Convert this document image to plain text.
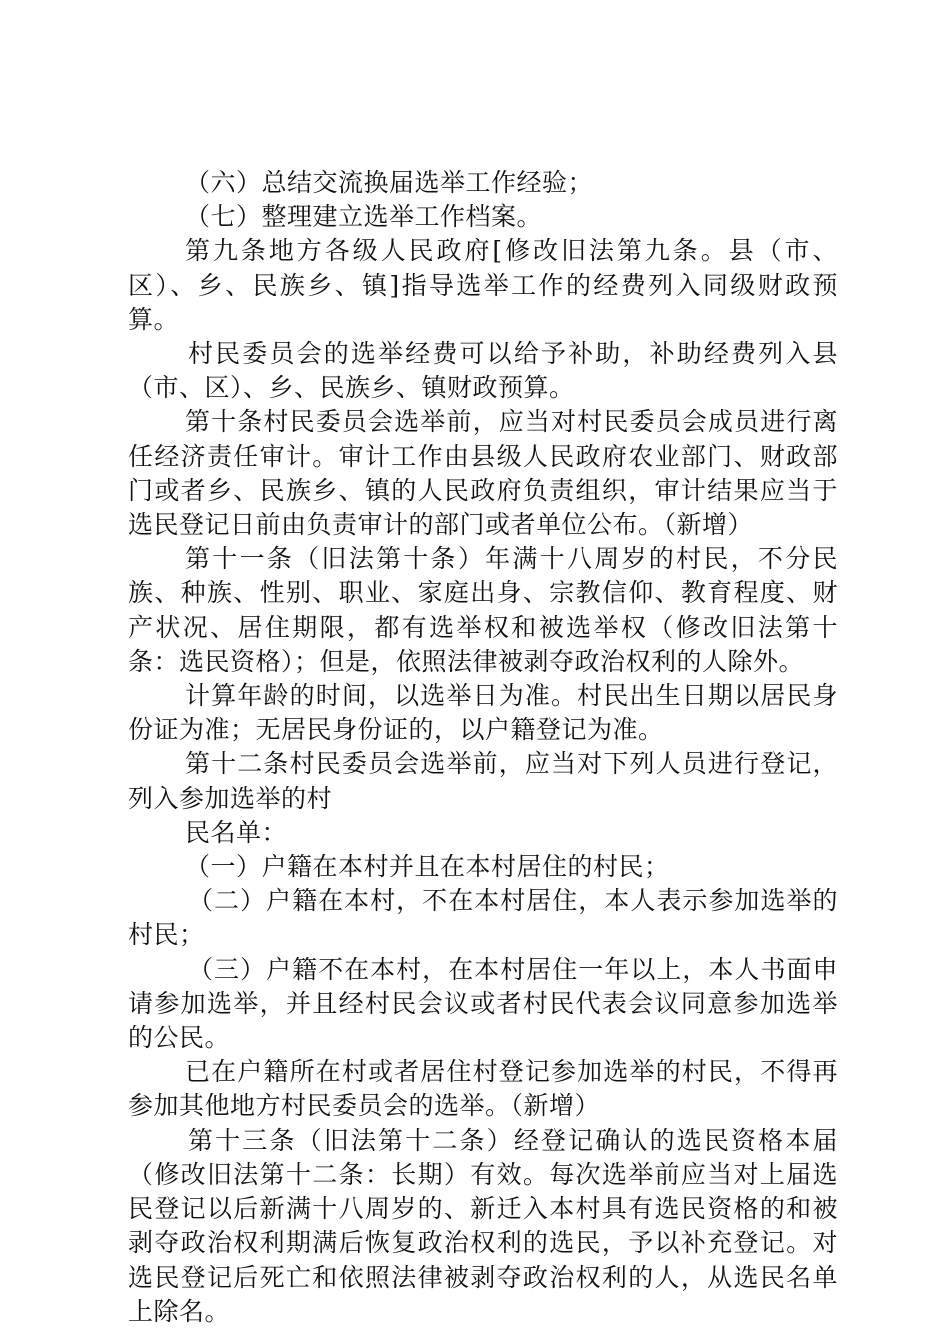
（六）总结交流换届选举工作经验；

（七）整理建立选举工作档案。

第九条地方各级人民政府[修改旧法第九条。县（市、区）、乡、民族乡、镇]指导选举工作的经费列入同级财政预算。

村民委员会的选举经费可以给予补助，补助经费列入县（市、区）、乡、民族乡、镇财政预算。

第十条村民委员会选举前，应当对村民委员会成员进行离任经济责任审计。审计工作由县级人民政府农业部门、财政部门或者乡、民族乡、镇的人民政府负责组织，审计结果应当于选民登记日前由负责审计的部门或者单位公布。（新增）

第十一条（旧法第十条）年满十八周岁的村民，不分民族、种族、性别、职业、家庭出身、宗教信仰、教育程度、财产状况、居住期限，都有选举权和被选举权（修改旧法第十条：选民资格）；但是，依照法律被剥夺政治权利的人除外。

计算年龄的时间，以选举日为准。村民出生日期以居民身份证为准；无居民身份证的，以户籍登记为准。

第十二条村民委员会选举前，应当对下列人员进行登记，列入参加选举的村

民名单：

（一）户籍在本村并且在本村居住的村民；

（二）户籍在本村，不在本村居住，本人表示参加选举的村民；

（三）户籍不在本村，在本村居住一年以上，本人书面申请参加选举，并且经村民会议或者村民代表会议同意参加选举的公民。

已在户籍所在村或者居住村登记参加选举的村民，不得再参加其他地方村民委员会的选举。（新增）

第十三条（旧法第十二条）经登记确认的选民资格本届（修改旧法第十二条：长期）有效。每次选举前应当对上届选民登记以后新满十八周岁的、新迁入本村具有选民资格的和被剥夺政治权利期满后恢复政治权利的选民，予以补充登记。对选民登记后死亡和依照法律被剥夺政治权利的人，从选民名单上除名。
